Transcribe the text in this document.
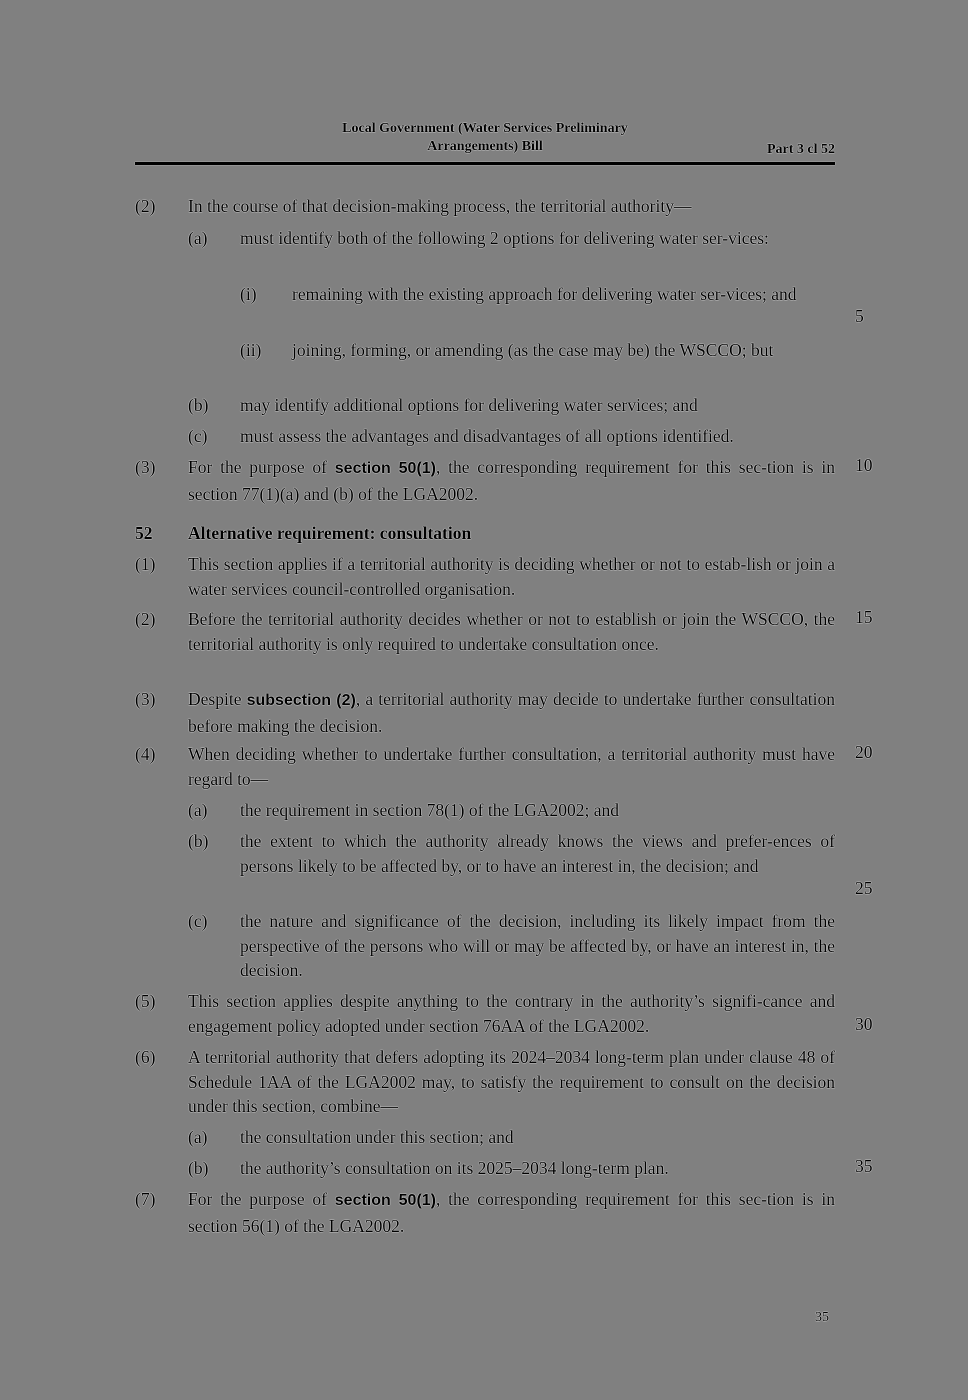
Local Government (Water Services Preliminary
Arrangements) Bill	Part 3 cl 52
(2) In the course of that decision-making process, the territorial authority—
(a) must identify both of the following 2 options for delivering water ser-vices:
(i) remaining with the existing approach for delivering water ser-vices; and
(ii) joining, forming, or amending (as the case may be) the WSCCO; but
(b) may identify additional options for delivering water services; and
(c) must assess the advantages and disadvantages of all options identified.
(3) For the purpose of section 50(1), the corresponding requirement for this sec-tion is in section 77(1)(a) and (b) of the LGA2002.
52 Alternative requirement: consultation
(1) This section applies if a territorial authority is deciding whether or not to estab-lish or join a water services council-controlled organisation.
(2) Before the territorial authority decides whether or not to establish or join the WSCCO, the territorial authority is only required to undertake consultation once.
(3) Despite subsection (2), a territorial authority may decide to undertake further consultation before making the decision.
(4) When deciding whether to undertake further consultation, a territorial authority must have regard to—
(a) the requirement in section 78(1) of the LGA2002; and
(b) the extent to which the authority already knows the views and prefer-ences of persons likely to be affected by, or to have an interest in, the decision; and
(c) the nature and significance of the decision, including its likely impact from the perspective of the persons who will or may be affected by, or have an interest in, the decision.
(5) This section applies despite anything to the contrary in the authority’s signifi-cance and engagement policy adopted under section 76AA of the LGA2002.
(6) A territorial authority that defers adopting its 2024–2034 long-term plan under clause 48 of Schedule 1AA of the LGA2002 may, to satisfy the requirement to consult on the decision under this section, combine—
(a) the consultation under this section; and
(b) the authority’s consultation on its 2025–2034 long-term plan.
(7) For the purpose of section 50(1), the corresponding requirement for this sec-tion is in section 56(1) of the LGA2002.
5
10
15
20
25
30
35
35
